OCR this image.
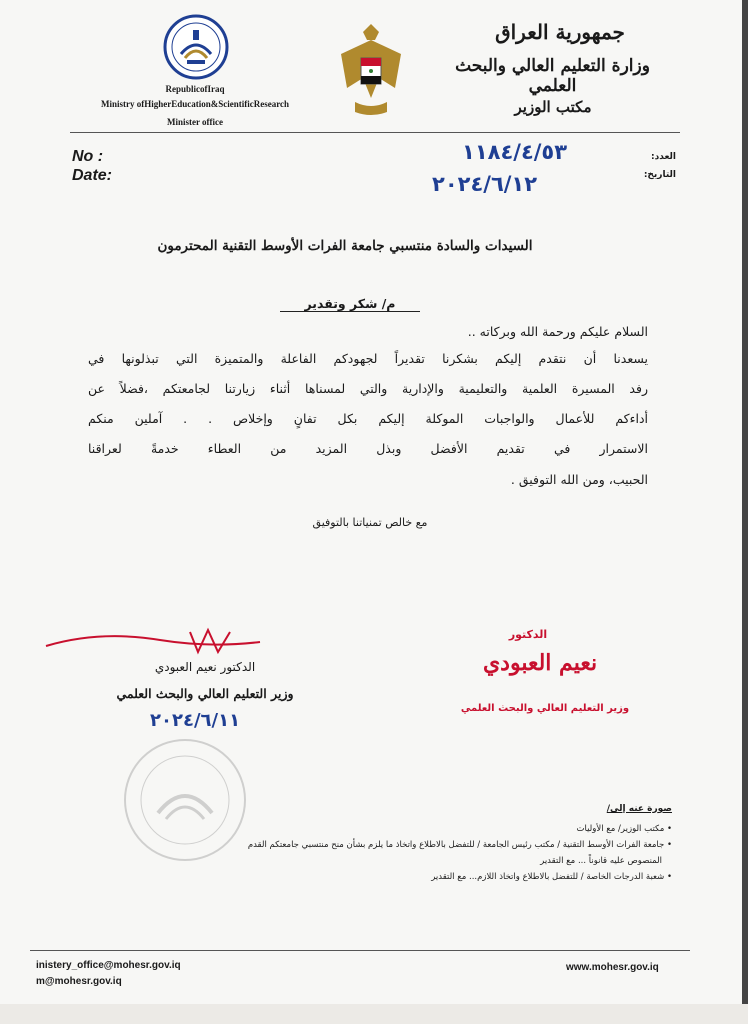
RepublicofIraq
Ministry ofHigherEducation&ScientificResearch
Minister office
جمهورية العراق
وزارة التعليم العالي والبحث العلمي
مكتب الوزير
No :
Date:
العدد:
التاريخ:
١١٨٤/٤/٥٣
٢٠٢٤/٦/١٢
السيدات والسادة منتسبي جامعة الفرات الأوسط التقنية المحترمون
م/ شكر وتقدير
السلام عليكم ورحمة الله وبركاته ..
يسعدنا أن نتقدم إليكم بشكرنا تقديراً لجهودكم الفاعلة والمتميزة التي تبذلونها في
رفد المسيرة العلمية والتعليمية والإدارية والتي لمسناها أثناء زيارتنا لجامعتكم ،فضلاً عن
أداءكم للأعمال والواجبات الموكلة إليكم بكل تفانٍ وإخلاص . . آملين منكم
الاستمرار في تقديم الأفضل وبذل المزيد من العطاء خدمةً لعراقنا
الحبيب، ومن الله التوفيق .
مع خالص تمنياتنا بالتوفيق
الدكتور نعيم العبودي
وزير التعليم العالي والبحث العلمي
٢٠٢٤/٦/١١
الدكتور
نعيم العبودي
وزير التعليم العالي والبحث العلمي
صورة عنه إلى/
• مكتب الوزير/ مع الأوليات
• جامعة الفرات الأوسط التقنية / مكتب رئيس الجامعة / للتفضل بالاطلاع واتخاذ ما يلزم بشأن منح منتسبي جامعتكم القدم
المنصوص عليه قانوناً ... مع التقدير
• شعبة الدرجات الخاصة / للتفضل بالاطلاع واتخاذ اللازم... مع التقدير
inistery_office@mohesr.gov.iq
m@mohesr.gov.iq
www.mohesr.gov.iq
